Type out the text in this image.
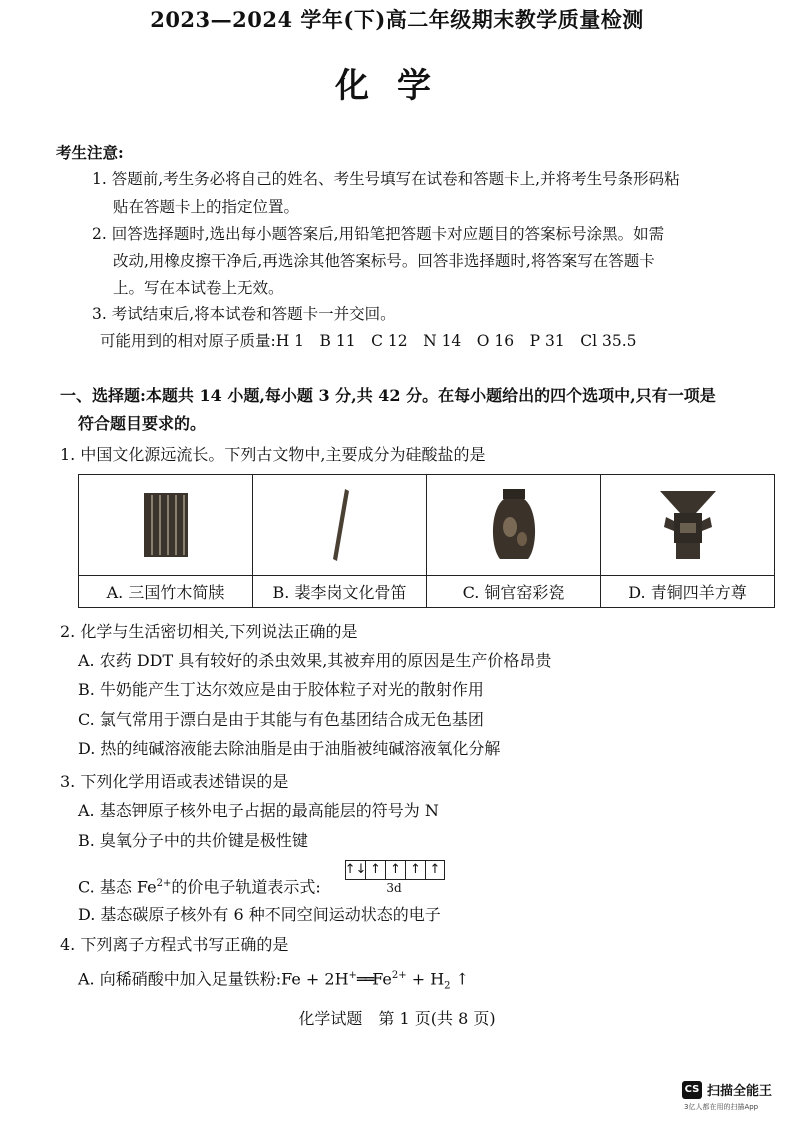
2023—2024 学年(下)高二年级期末教学质量检测
化学
考生注意:
1. 答题前,考生务必将自己的姓名、考生号填写在试卷和答题卡上,并将考生号条形码粘
贴在答题卡上的指定位置。
2. 回答选择题时,选出每小题答案后,用铅笔把答题卡对应题目的答案标号涂黑。如需
改动,用橡皮擦干净后,再选涂其他答案标号。回答非选择题时,将答案写在答题卡
上。写在本试卷上无效。
3. 考试结束后,将本试卷和答题卡一并交回。
可能用到的相对原子质量:H 1　B 11　C 12　N 14　O 16　P 31　Cl 35.5
一、选择题:本题共 14 小题,每小题 3 分,共 42 分。在每小题给出的四个选项中,只有一项是
符合题目要求的。
1. 中国文化源远流长。下列古文物中,主要成分为硅酸盐的是
A. 三国竹木简牍	B. 裴李岗文化骨笛	C. 铜官窑彩瓷	D. 青铜四羊方尊
2. 化学与生活密切相关,下列说法正确的是
A. 农药 DDT 具有较好的杀虫效果,其被弃用的原因是生产价格昂贵
B. 牛奶能产生丁达尔效应是由于胶体粒子对光的散射作用
C. 氯气常用于漂白是由于其能与有色基团结合成无色基团
D. 热的纯碱溶液能去除油脂是由于油脂被纯碱溶液氧化分解
3. 下列化学用语或表述错误的是
A. 基态钾原子核外电子占据的最高能层的符号为 N
B. 臭氧分子中的共价键是极性键
C. 基态 $Fe^{2+}$的价电子轨道表示式:
↑↓ ↑ ↑ ↑ ↑
3d
D. 基态碳原子核外有 6 种不同空间运动状态的电子
4. 下列离子方程式书写正确的是
A. 向稀硝酸中加入足量铁粉:Fe + $2H^+══Fe^{2+} + H_2$ ↑
化学试题　第 1 页(共 8 页)
CS 扫描全能王
3亿人都在用的扫描App
